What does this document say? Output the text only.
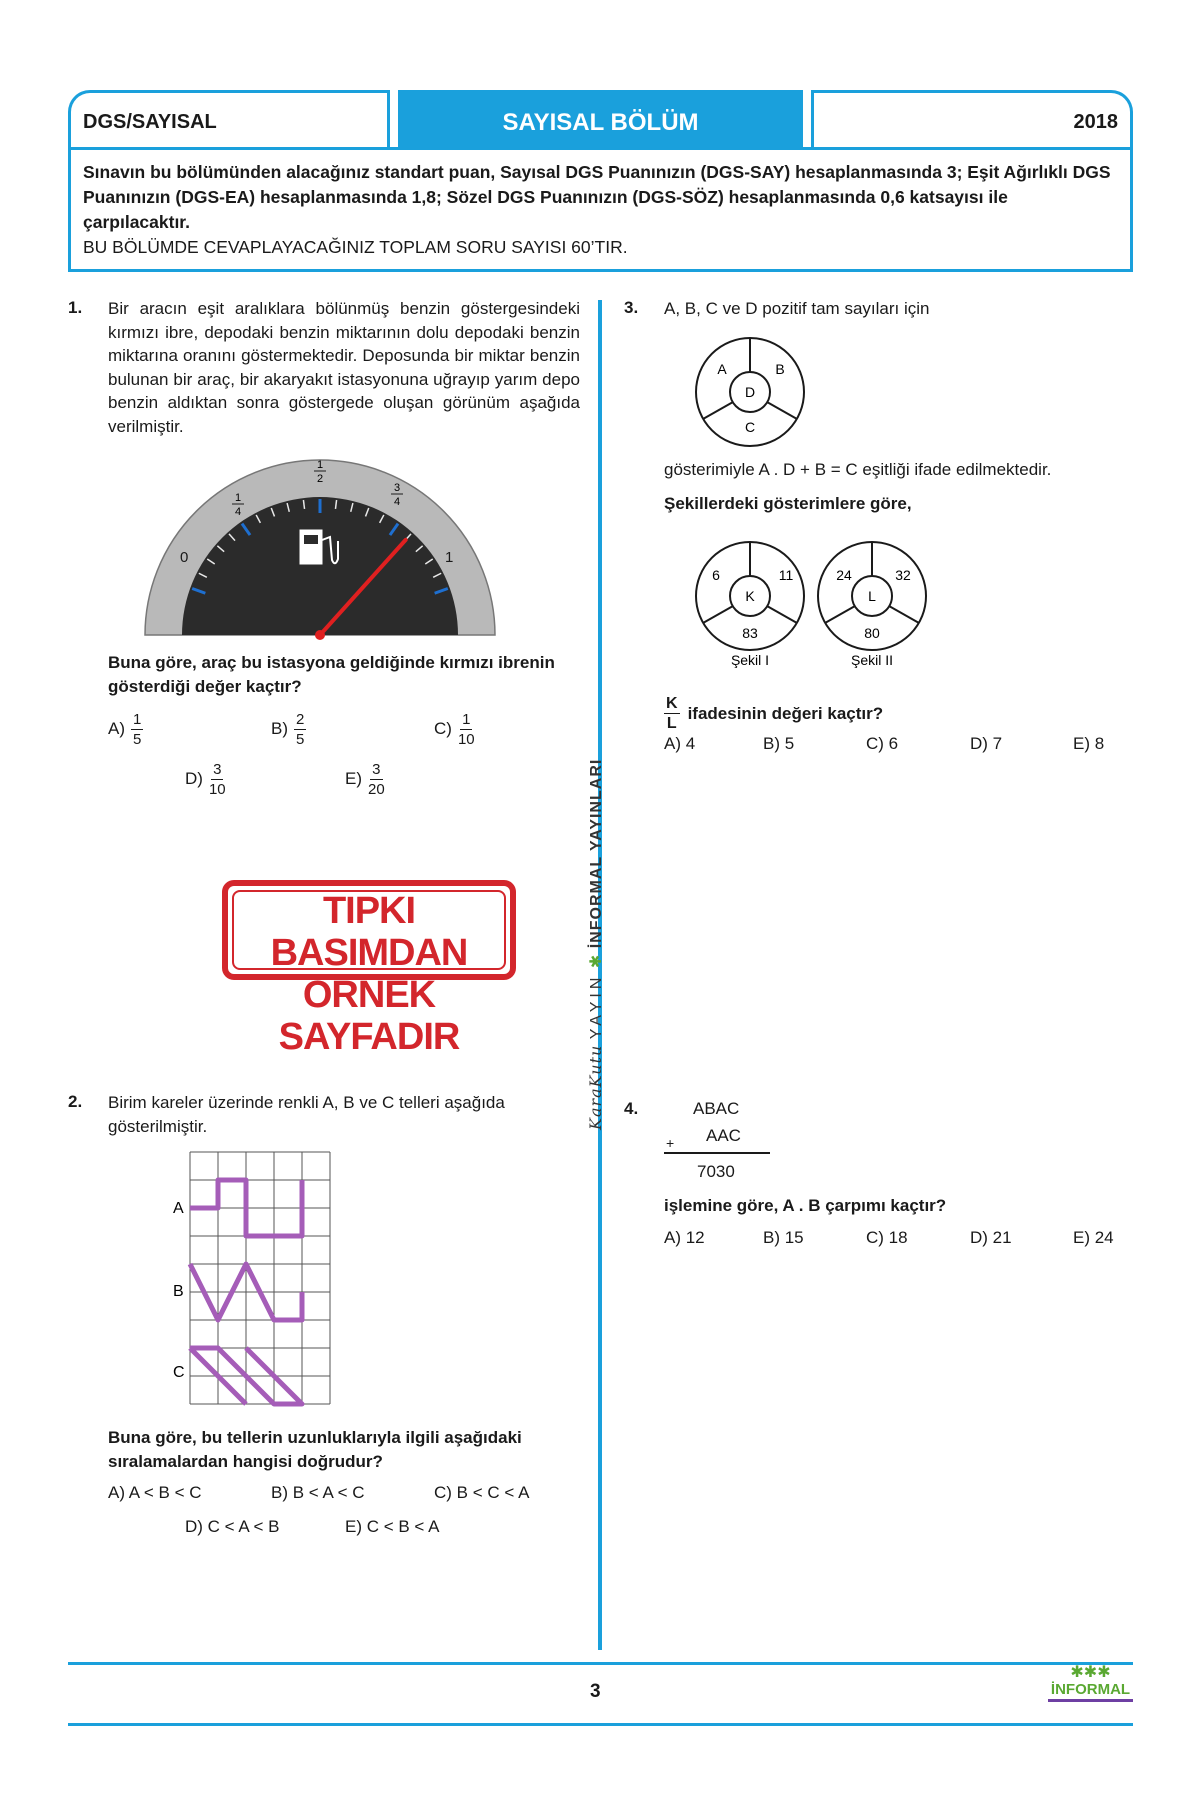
DGS/SAYISAL	SAYISAL BÖLÜM	2018
Sınavın bu bölümünden alacağınız standart puan, Sayısal DGS Puanınızın (DGS-SAY) hesaplanmasında 3; Eşit Ağırlıklı DGS Puanınızın (DGS-EA) hesaplanmasında 1,8; Sözel DGS Puanınızın (DGS-SÖZ) hesaplanmasında 0,6 katsayısı ile çarpılacaktır.
BU BÖLÜMDE CEVAPLAYACAĞINIZ TOPLAM SORU SAYISI 60’TIR.
KaraKutu YAYIN ✱ İNFORMAL YAYINLARI
1. Bir aracın eşit aralıklara bölünmüş benzin göstergesindeki kırmızı ibre, depodaki benzin miktarının dolu depodaki benzin miktarına oranını göstermektedir. Deposunda bir miktar benzin bulunan bir araç, bir akaryakıt istasyonuna uğrayıp yarım depo benzin aldıktan sonra göstergede oluşan görünüm aşağıda verilmiştir.
0	1
1
4
1
2
3
4
Buna göre, araç bu istasyona geldiğinde kırmızı ibrenin gösterdiği değer kaçtır?
$A) \frac{1}{5}$	$B) \frac{2}{5}$	$C) \frac{1}{10}$
$D) \frac{3}{10}$	$E) \frac{3}{20}$
TIPKI BASIMDAN
ÖRNEK SAYFADIR
2. Birim kareler üzerinde renkli A, B ve C telleri aşağıda gösterilmiştir.
A
B
C
Buna göre, bu tellerin uzunluklarıyla ilgili aşağıdaki sıralamalardan hangisi doğrudur?
A) A < B < C	B) B < A < C	C) B < C < A
D) C < A < B	E) C < B < A
3. A, B, C ve D pozitif tam sayıları için
A	B
D
C
gösterimiyle A . D + B = C eşitliği ifade edilmektedir.
Şekillerdeki gösterimlere göre,
6	11
K
83
Şekil I
24	32
L
80
Şekil II
$\frac{K}{L}$ ifadesinin değeri kaçtır?
A) 4	B) 5	C) 6	D) 7	E) 8
4.	ABAC
+ AAC
7030
işlemine göre, A . B çarpımı kaçtır?
A) 12	B) 15	C) 18	D) 21	E) 24
3
✱✱✱
İNFORMAL
